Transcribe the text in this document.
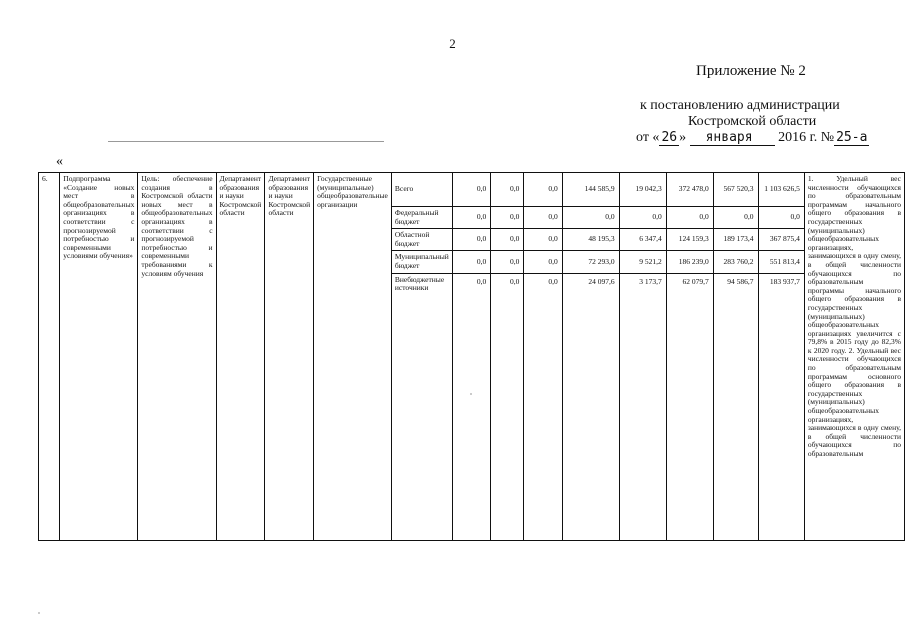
2
Приложение № 2
к постановлению администрации
Костромской области
от « 26 » января 2016 г. № 25-а
«
6.	Подпрограмма «Создание новых мест в общеобразовательных организациях в соответствии с прогнозируемой потребностью и современными условиями обучения»	Цель: обеспечение создания в Костромской области новых мест в общеобразовательных организациях в соответствии с прогнозируемой потребностью и современными требованиями к условиям обучения	Департамент образования и науки Костромской области	Департамент образования и науки Костромской области	Государственные (муниципальные) общеобразовательные организации	Всего	0,0	0,0	0,0	144 585,9	19 042,3	372 478,0	567 520,3	1 103 626,5	1. Удельный вес численности обучающихся по образовательным программам начального общего образования в государственных (муниципальных) общеобразовательных организациях, занимающихся в одну смену, в общей численности обучающихся по образовательным программы начального общего образования в государственных (муниципальных) общеобразовательных организациях увеличится с 79,8% в 2015 году до 82,3% к 2020 году. 2. Удельный вес численности обучающихся по образовательным программам основного общего образования в государственных (муниципальных) общеобразовательных организациях, занимающихся в одну смену, в общей численности обучающихся по образовательным
						Федеральный бюджет	0,0	0,0	0,0	0,0	0,0	0,0	0,0	0,0	
						Областной бюджет	0,0	0,0	0,0	48 195,3	6 347,4	124 159,3	189 173,4	367 875,4	
						Муниципальный бюджет	0,0	0,0	0,0	72 293,0	9 521,2	186 239,0	283 760,2	551 813,4	
						Внебюджетные источники	0,0	0,0	0,0	24 097,6	3 173,7	62 079,7	94 586,7	183 937,7	
